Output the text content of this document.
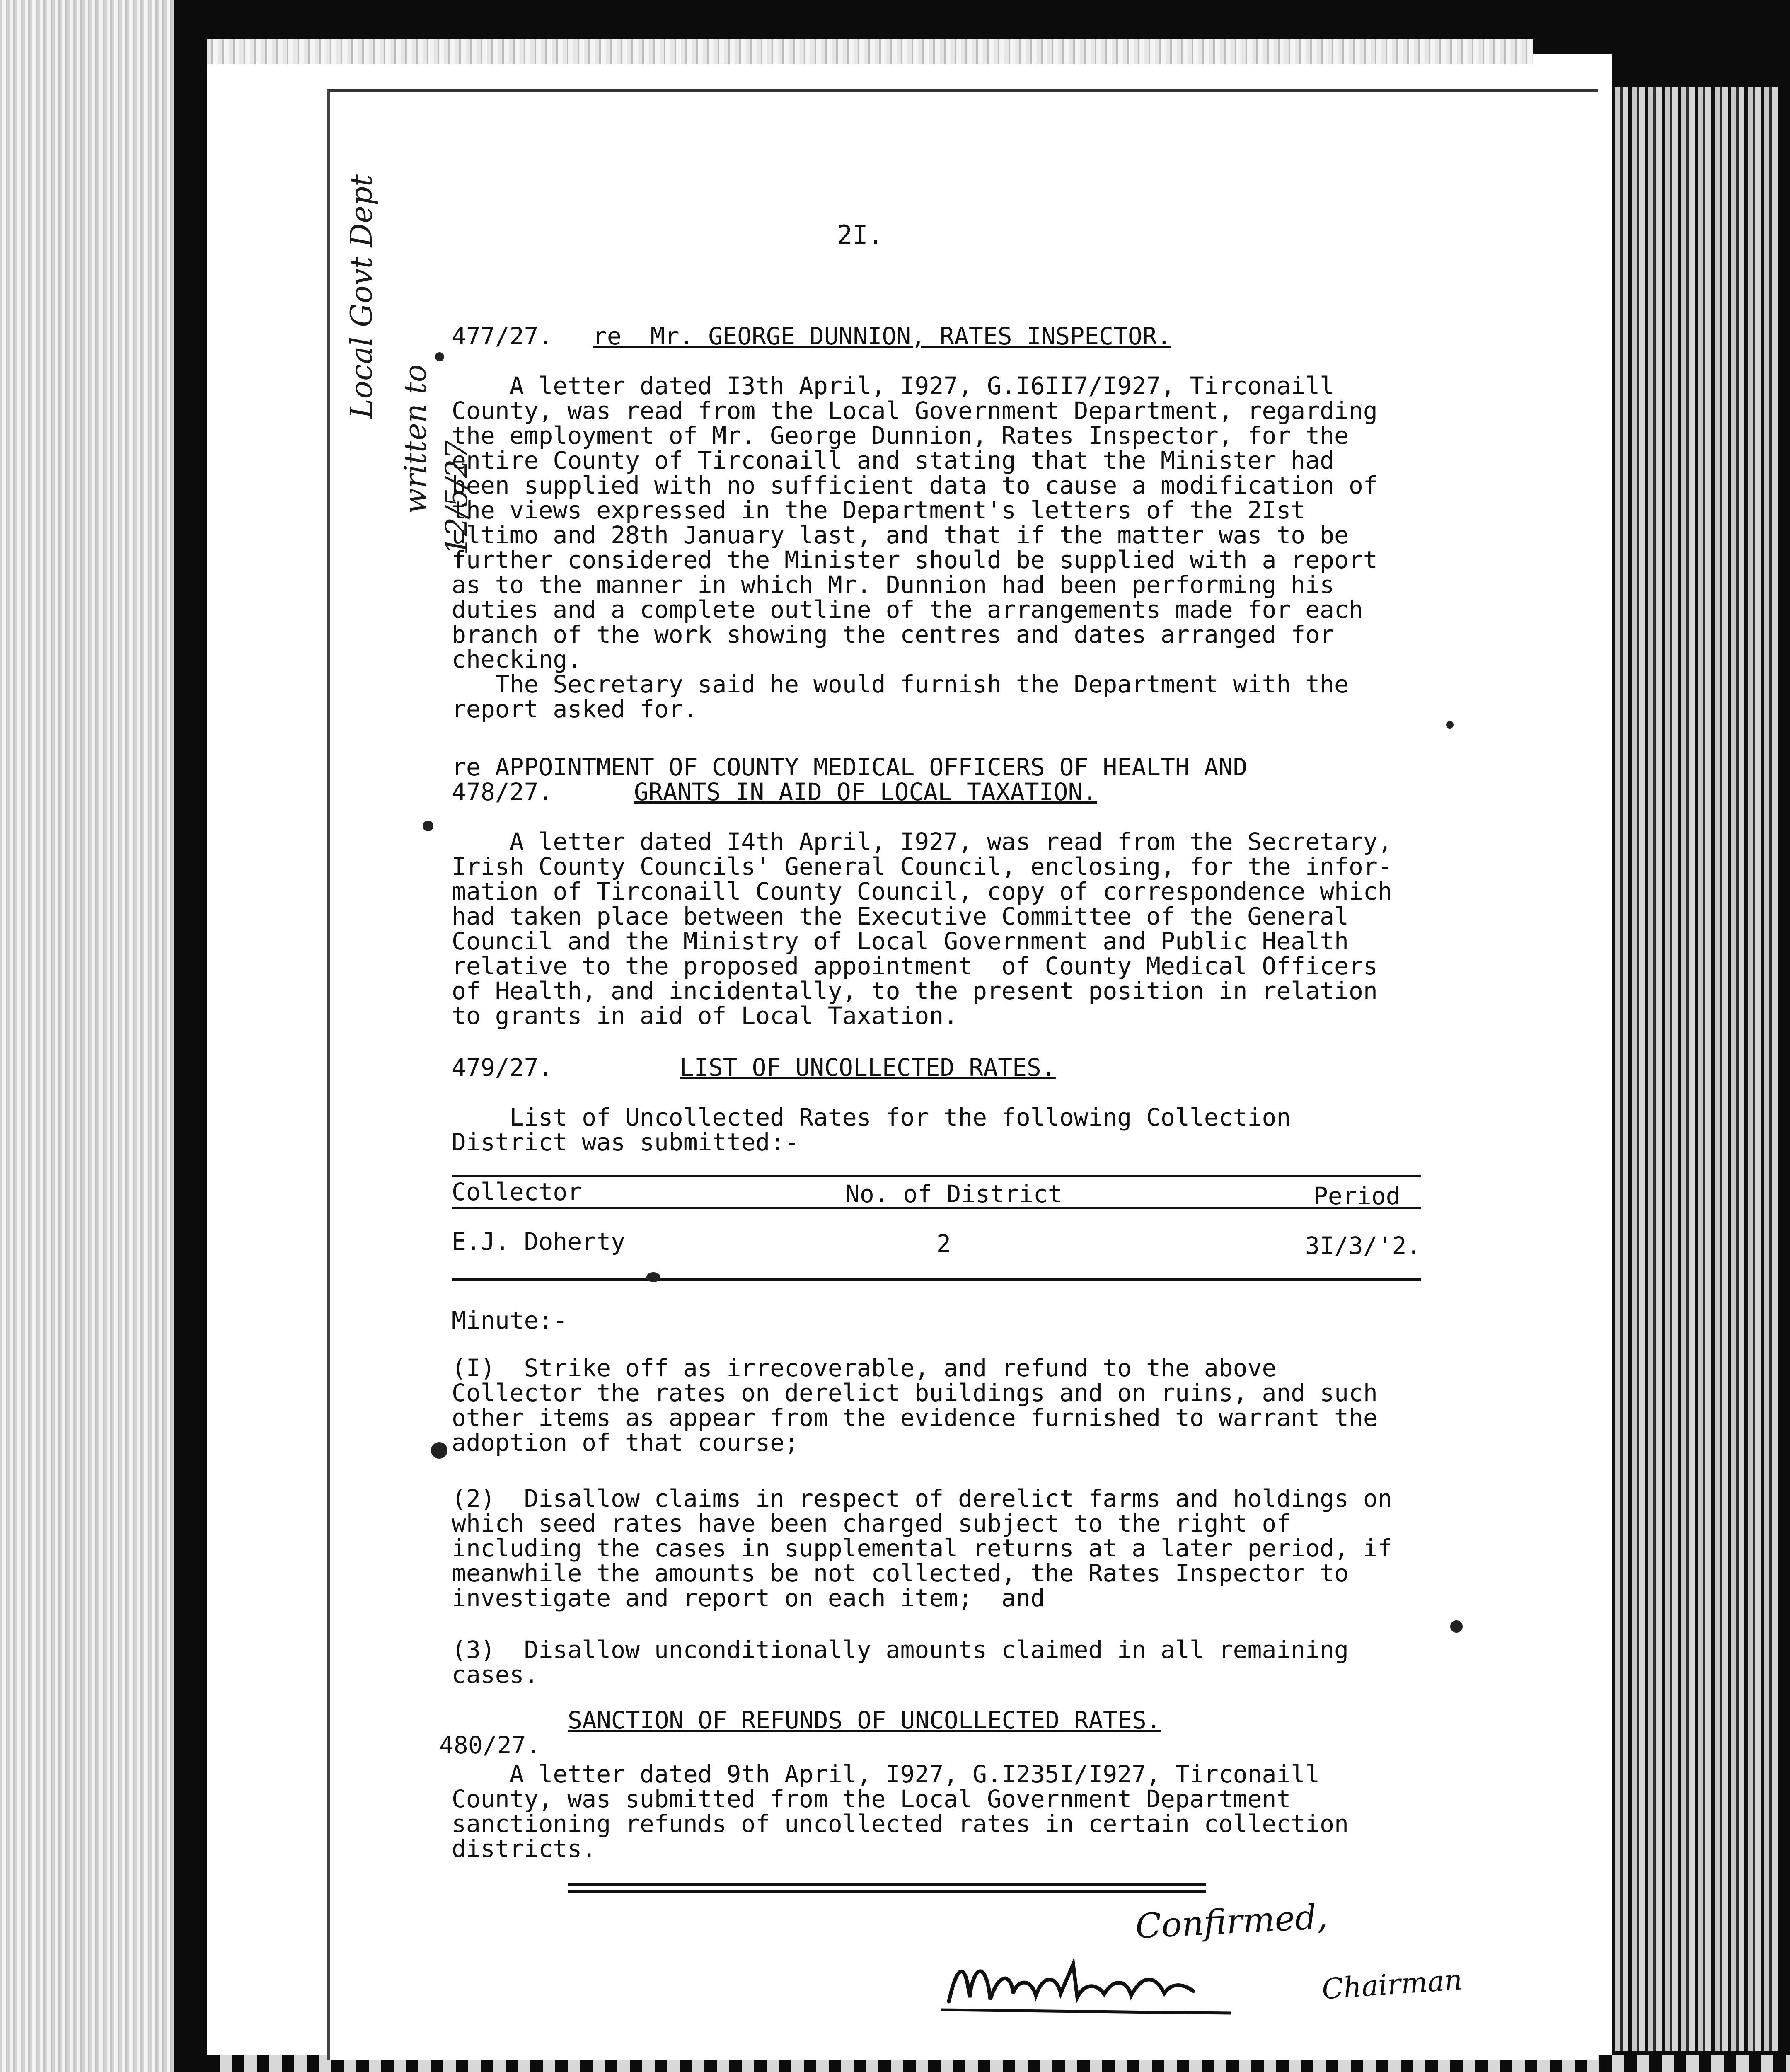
2I.
477/27. re  Mr. GEORGE DUNNION, RATES INSPECTOR.
A letter dated I3th April, I927, G.I6II7/I927, Tirconaill
County, was read from the Local Government Department, regarding
the employment of Mr. George Dunnion, Rates Inspector, for the
entire County of Tirconaill and stating that the Minister had
been supplied with no sufficient data to cause a modification of
the views expressed in the Department's letters of the 2Ist
ultimo and 28th January last, and that if the matter was to be
further considered the Minister should be supplied with a report
as to the manner in which Mr. Dunnion had been performing his
duties and a complete outline of the arrangements made for each
branch of the work showing the centres and dates arranged for
checking.
The Secretary said he would furnish the Department with the
report asked for.
re APPOINTMENT OF COUNTY MEDICAL OFFICERS OF HEALTH AND
478/27.	GRANTS IN AID OF LOCAL TAXATION.
A letter dated I4th April, I927, was read from the Secretary,
Irish County Councils' General Council, enclosing, for the infor-
mation of Tirconaill County Council, copy of correspondence which
had taken place between the Executive Committee of the General
Council and the Ministry of Local Government and Public Health
relative to the proposed appointment  of County Medical Officers
of Health, and incidentally, to the present position in relation
to grants in aid of Local Taxation.
479/27.	LIST OF UNCOLLECTED RATES.
List of Uncollected Rates for the following Collection
District was submitted:-
Collector	No. of District	Period
E.J. Doherty	2	3I/3/'2.
Minute:-
(I)  Strike off as irrecoverable, and refund to the above
Collector the rates on derelict buildings and on ruins, and such
other items as appear from the evidence furnished to warrant the
adoption of that course;
(2)  Disallow claims in respect of derelict farms and holdings on
which seed rates have been charged subject to the right of
including the cases in supplemental returns at a later period, if
meanwhile the amounts be not collected, the Rates Inspector to
investigate and report on each item;  and
(3)  Disallow unconditionally amounts claimed in all remaining
cases.
SANCTION OF REFUNDS OF UNCOLLECTED RATES.
480/27.
A letter dated 9th April, I927, G.I235I/I927, Tirconaill
County, was submitted from the Local Government Department
sanctioning refunds of uncollected rates in certain collection
districts.
Local Govt Dept
written to 12/5/27
Confirmed,
Chairman
